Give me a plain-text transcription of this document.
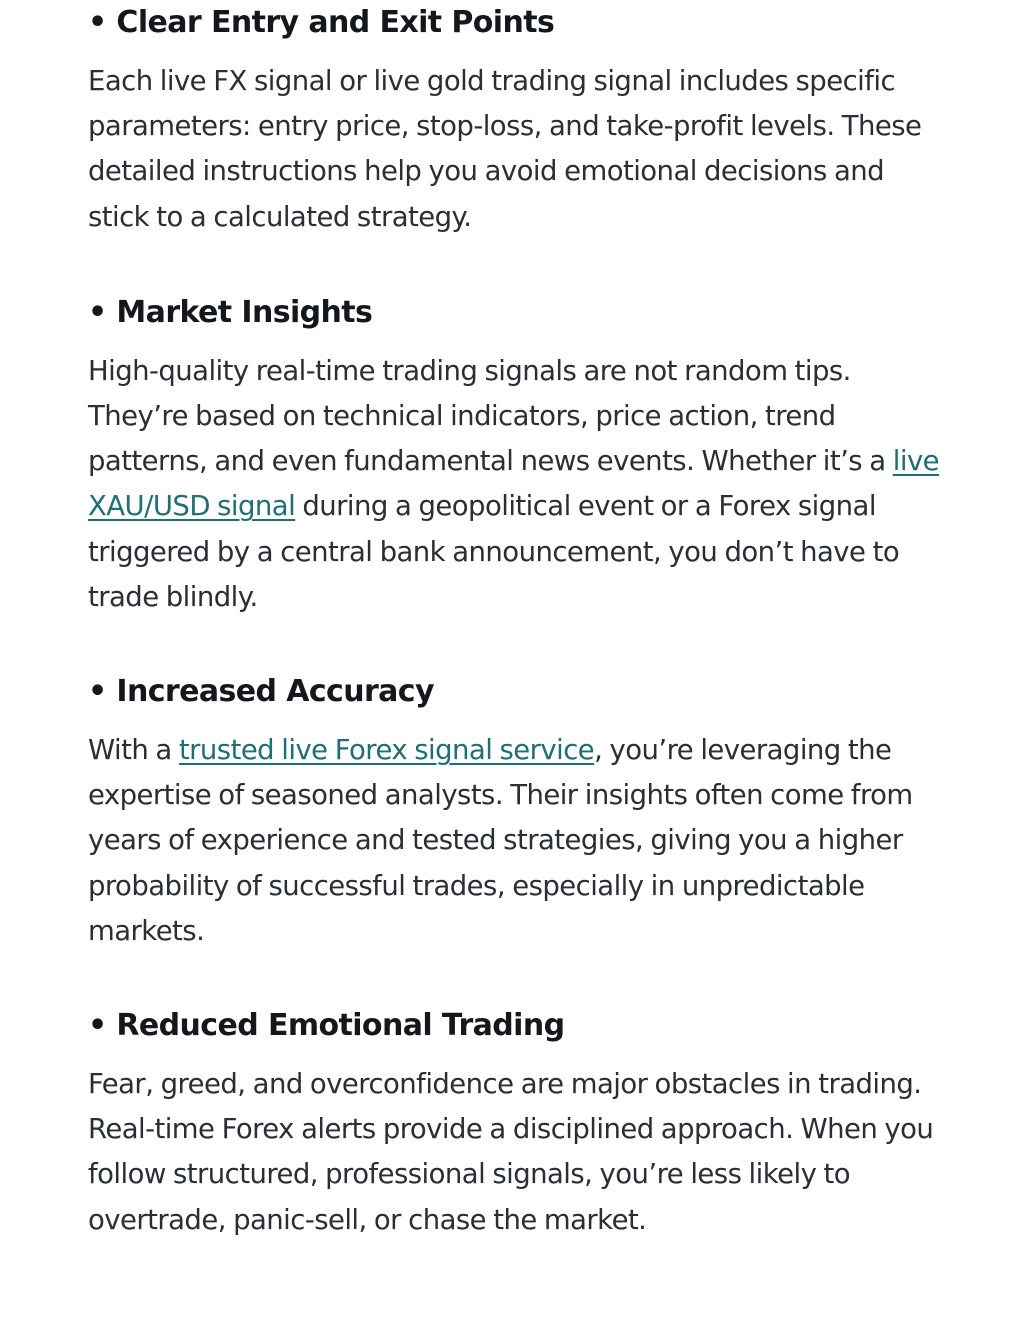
• Clear Entry and Exit Points

Each live FX signal or live gold trading signal includes specific parameters: entry price, stop-loss, and take-profit levels. These detailed instructions help you avoid emotional decisions and stick to a calculated strategy.

• Market Insights

High-quality real-time trading signals are not random tips. They’re based on technical indicators, price action, trend patterns, and even fundamental news events. Whether it’s a live XAU/USD signal during a geopolitical event or a Forex signal triggered by a central bank announcement, you don’t have to trade blindly.

• Increased Accuracy

With a trusted live Forex signal service, you’re leveraging the expertise of seasoned analysts. Their insights often come from years of experience and tested strategies, giving you a higher probability of successful trades, especially in unpredictable markets.

• Reduced Emotional Trading

Fear, greed, and overconfidence are major obstacles in trading. Real-time Forex alerts provide a disciplined approach. When you follow structured, professional signals, you’re less likely to overtrade, panic-sell, or chase the market.
